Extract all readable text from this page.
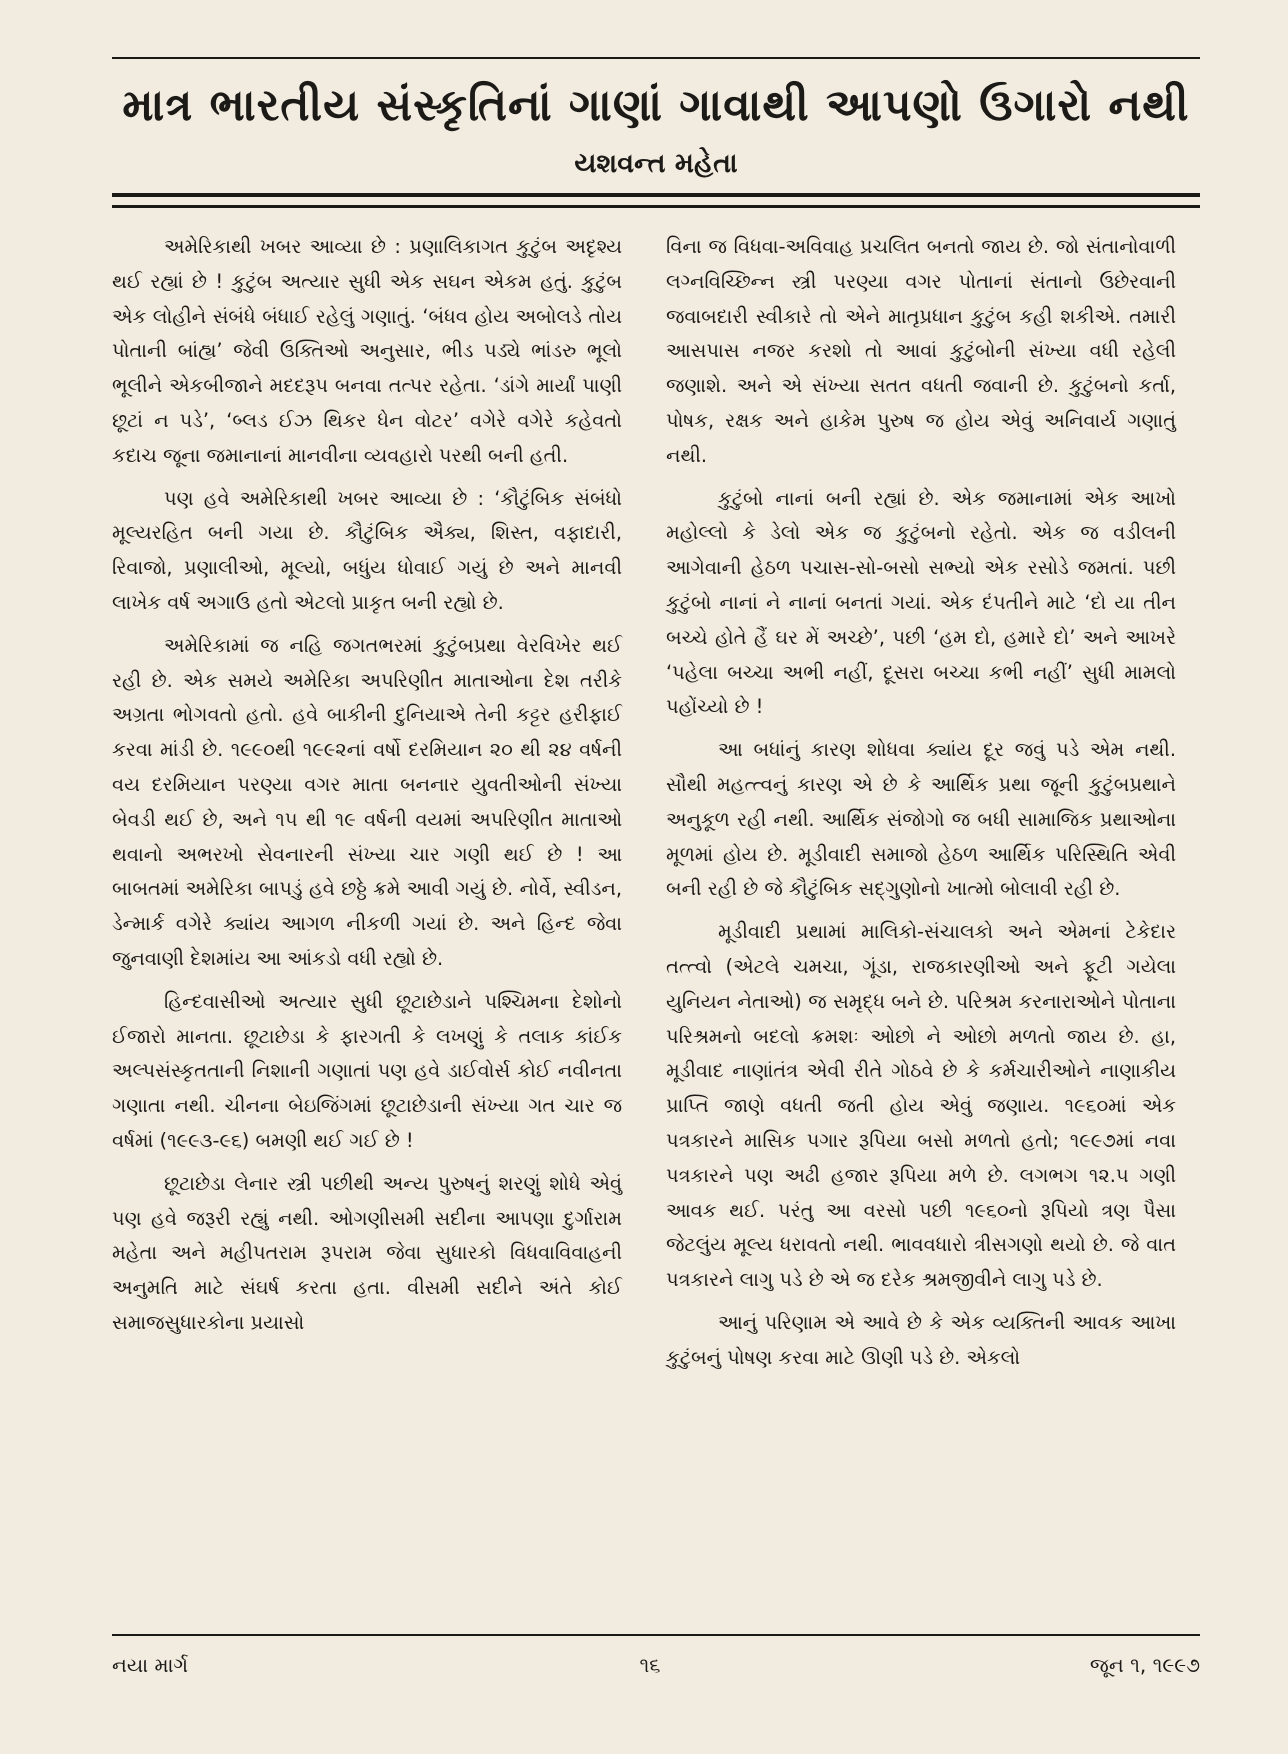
માત્ર ભારતીય સંસ્કૃતિનાં ગાણાં ગાવાથી આપણો ઉગારો નથી
યશવન્ત મહેતા

અમેરિકાથી ખબર આવ્યા છે : પ્રણાલિકાગત કુટુંબ અદૃશ્ય થઈ રહ્યાં છે ! કુટુંબ અત્યાર સુધી એક સઘન એકમ હતું. કુટુંબ એક લોહીને સંબંધે બંધાઈ રહેલું ગણાતું. ‘બંધવ હોય અબોલડે તોય પોતાની બાંહ્ય’ જેવી ઉક્તિઓ અનુસાર, ભીડ પડ્યે ભાંડરુ ભૂલો ભૂલીને એકબીજાને મદદરૂપ બનવા તત્પર રહેતા. ‘ડાંગે માર્યાં પાણી છૂટાં ન પડે’, ‘બ્લડ ઈઝ થિકર ધેન વોટર’ વગેરે વગેરે કહેવતો કદાચ જૂના જમાનાનાં માનવીના વ્યવહારો પરથી બની હતી.

પણ હવે અમેરિકાથી ખબર આવ્યા છે : ‘કૌટુંબિક સંબંધો મૂલ્યરહિત બની ગયા છે. કૌટુંબિક ઐક્ય, શિસ્ત, વફાદારી, રિવાજો, પ્રણાલીઓ, મૂલ્યો, બધુંય ધોવાઈ ગયું છે અને માનવી લાખેક વર્ષ અગાઉ હતો એટલો પ્રાકૃત બની રહ્યો છે.

અમેરિકામાં જ નહિ જગતભરમાં કુટુંબપ્રથા વેરવિખેર થઈ રહી છે. એક સમયે અમેરિકા અપરિણીત માતાઓના દેશ તરીકે અગ્રતા ભોગવતો હતો. હવે બાકીની દુનિયાએ તેની કટ્ટર હરીફાઈ કરવા માંડી છે. ૧૯૯૦થી ૧૯૯૨નાં વર્ષો દરમિયાન ૨૦ થી ૨૪ વર્ષની વય દરમિયાન પરણ્યા વગર માતા બનનાર યુવતીઓની સંખ્યા બેવડી થઈ છે, અને ૧૫ થી ૧૯ વર્ષની વયમાં અપરિણીત માતાઓ થવાનો અભરખો સેવનારની સંખ્યા ચાર ગણી થઈ છે ! આ બાબતમાં અમેરિકા બાપડું હવે છઠ્ઠે ક્રમે આવી ગયું છે. નોર્વે, સ્વીડન, ડેન્માર્ક વગેરે ક્યાંય આગળ નીકળી ગયાં છે. અને હિન્દ જેવા જુનવાણી દેશમાંય આ આંકડો વધી રહ્યો છે.

હિન્દવાસીઓ અત્યાર સુધી છૂટાછેડાને પશ્ચિમના દેશોનો ઈજારો માનતા. છૂટાછેડા કે ફારગતી કે લખણું કે તલાક કાંઈક અલ્પસંસ્કૃતતાની નિશાની ગણાતાં પણ હવે ડાઈવોર્સ કોઈ નવીનતા ગણાતા નથી. ચીનના બેઇજિંગમાં છૂટાછેડાની સંખ્યા ગત ચાર જ વર્ષમાં (૧૯૯૩-૯૬) બમણી થઈ ગઈ છે !

છૂટાછેડા લેનાર સ્ત્રી પછીથી અન્ય પુરુષનું શરણું શોધે એવું પણ હવે જરૂરી રહ્યું નથી. ઓગણીસમી સદીના આપણા દુર્ગારામ મહેતા અને મહીપતરામ રૂપરામ જેવા સુધારકો વિધવાવિવાહની અનુમતિ માટે સંઘર્ષ કરતા હતા. વીસમી સદીને અંતે કોઈ સમાજસુધારકોના પ્રયાસો

વિના જ વિધવા-અવિવાહ પ્રચલિત બનતો જાય છે. જો સંતાનોવાળી લગ્નવિચ્છિન્ન સ્ત્રી પરણ્યા વગર પોતાનાં સંતાનો ઉછેરવાની જવાબદારી સ્વીકારે તો એને માતૃપ્રધાન કુટુંબ કહી શકીએ. તમારી આસપાસ નજર કરશો તો આવાં કુટુંબોની સંખ્યા વધી રહેલી જણાશે. અને એ સંખ્યા સતત વધતી જવાની છે. કુટુંબનો કર્તા, પોષક, રક્ષક અને હાકેમ પુરુષ જ હોય એવું અનિવાર્ય ગણાતું નથી.

કુટુંબો નાનાં બની રહ્યાં છે. એક જમાનામાં એક આખો મહોલ્લો કે ડેલો એક જ કુટુંબનો રહેતો. એક જ વડીલની આગેવાની હેઠળ પચાસ-સો-બસો સભ્યો એક રસોડે જમતાં. પછી કુટુંબો નાનાં ને નાનાં બનતાં ગયાં. એક દંપતીને માટે ‘દો યા તીન બચ્ચે હોતે હૈં ઘર મેં અચ્છે’, પછી ‘હમ દો, હમારે દો’ અને આખરે ‘પહેલા બચ્ચા અભી નહીં, દૂસરા બચ્ચા કભી નહીં’ સુધી મામલો પહોંચ્યો છે !

આ બધાંનું કારણ શોધવા ક્યાંય દૂર જવું પડે એમ નથી. સૌથી મહત્ત્વનું કારણ એ છે કે આર્થિક પ્રથા જૂની કુટુંબપ્રથાને અનુકૂળ રહી નથી. આર્થિક સંજોગો જ બધી સામાજિક પ્રથાઓના મૂળમાં હોય છે. મૂડીવાદી સમાજો હેઠળ આર્થિક પરિસ્થિતિ એવી બની રહી છે જે કૌટુંબિક સદ્‌ગુણોનો ખાત્મો બોલાવી રહી છે.

મૂડીવાદી પ્રથામાં માલિકો-સંચાલકો અને એમનાં ટેકેદાર તત્ત્વો (એટલે ચમચા, ગૂંડા, રાજકારણીઓ અને ફૂટી ગયેલા યુનિયન નેતાઓ) જ સમૃદ્ધ બને છે. પરિશ્રમ કરનારાઓને પોતાના પરિશ્રમનો બદલો ક્રમશઃ ઓછો ને ઓછો મળતો જાય છે. હા, મૂડીવાદ નાણાંતંત્ર એવી રીતે ગોઠવે છે કે કર્મચારીઓને નાણાકીય પ્રાપ્તિ જાણે વધતી જતી હોય એવું જણાય. ૧૯૬૦માં એક પત્રકારને માસિક પગાર રૂપિયા બસો મળતો હતો; ૧૯૯૭માં નવા પત્રકારને પણ અઢી હજાર રૂપિયા મળે છે. લગભગ ૧૨.૫ ગણી આવક થઈ. પરંતુ આ વરસો પછી ૧૯૬૦નો રૂપિયો ત્રણ પૈસા જેટલુંય મૂલ્ય ધરાવતો નથી. ભાવવધારો ત્રીસગણો થયો છે. જે વાત પત્રકારને લાગુ પડે છે એ જ દરેક શ્રમજીવીને લાગુ પડે છે.

આનું પરિણામ એ આવે છે કે એક વ્યક્તિની આવક આખા કુટુંબનું પોષણ કરવા માટે ઊણી પડે છે. એકલો

નયા માર્ગ	૧૬	જૂન ૧, ૧૯૯૭
